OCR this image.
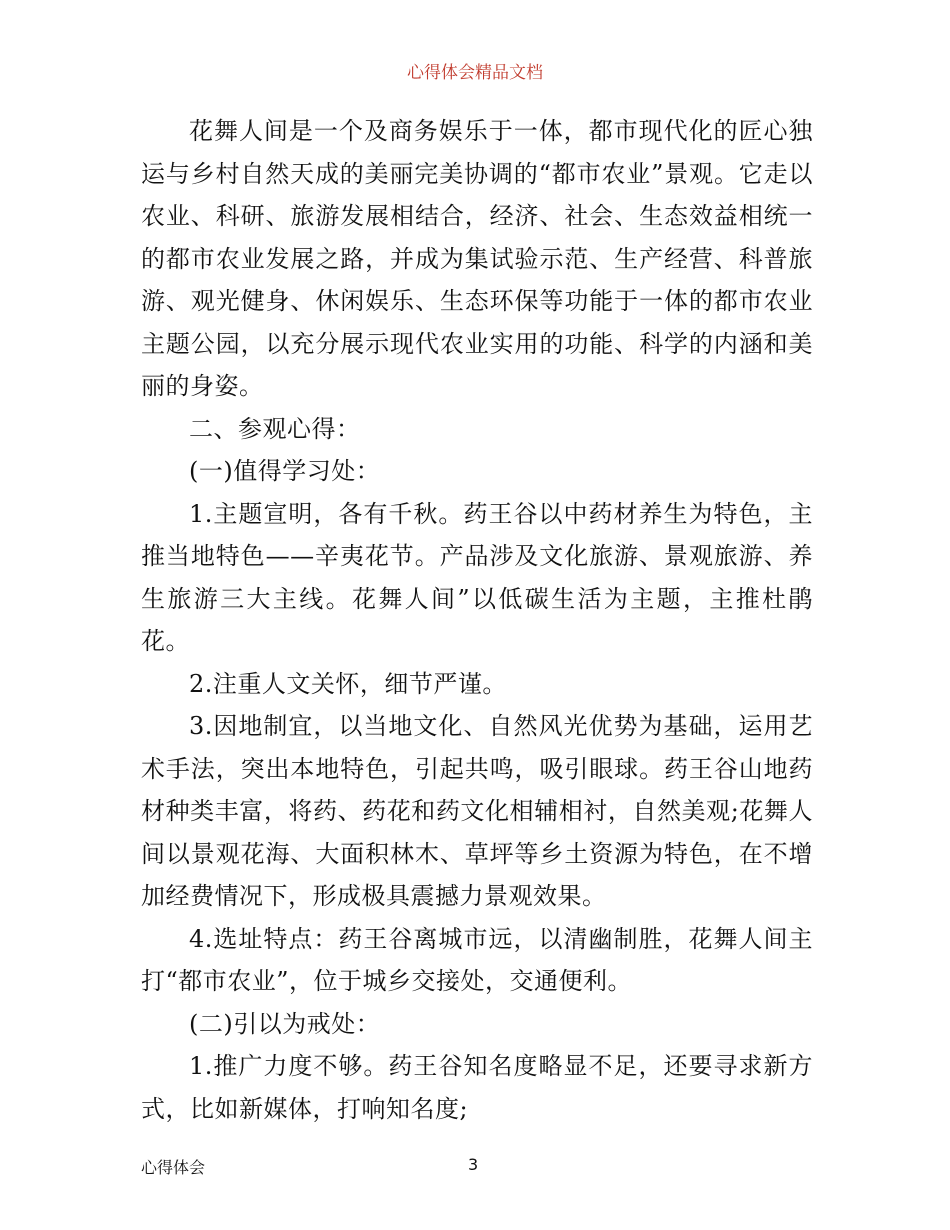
心得体会精品文档

花舞人间是一个及商务娱乐于一体，都市现代化的匠心独运与乡村自然天成的美丽完美协调的“都市农业”景观。它走以农业、科研、旅游发展相结合，经济、社会、生态效益相统一的都市农业发展之路，并成为集试验示范、生产经营、科普旅游、观光健身、休闲娱乐、生态环保等功能于一体的都市农业主题公园，以充分展示现代农业实用的功能、科学的内涵和美丽的身姿。

二、参观心得：

(一)值得学习处：

1.主题宣明，各有千秋。药王谷以中药材养生为特色，主推当地特色——辛夷花节。产品涉及文化旅游、景观旅游、养生旅游三大主线。花舞人间”以低碳生活为主题，主推杜鹃花。

2.注重人文关怀，细节严谨。

3.因地制宜，以当地文化、自然风光优势为基础，运用艺术手法，突出本地特色，引起共鸣，吸引眼球。药王谷山地药材种类丰富，将药、药花和药文化相辅相衬，自然美观;花舞人间以景观花海、大面积林木、草坪等乡土资源为特色，在不增加经费情况下，形成极具震撼力景观效果。

4.选址特点：药王谷离城市远，以清幽制胜，花舞人间主打“都市农业”，位于城乡交接处，交通便利。

(二)引以为戒处：

1.推广力度不够。药王谷知名度略显不足，还要寻求新方式，比如新媒体，打响知名度;

心得体会	3
